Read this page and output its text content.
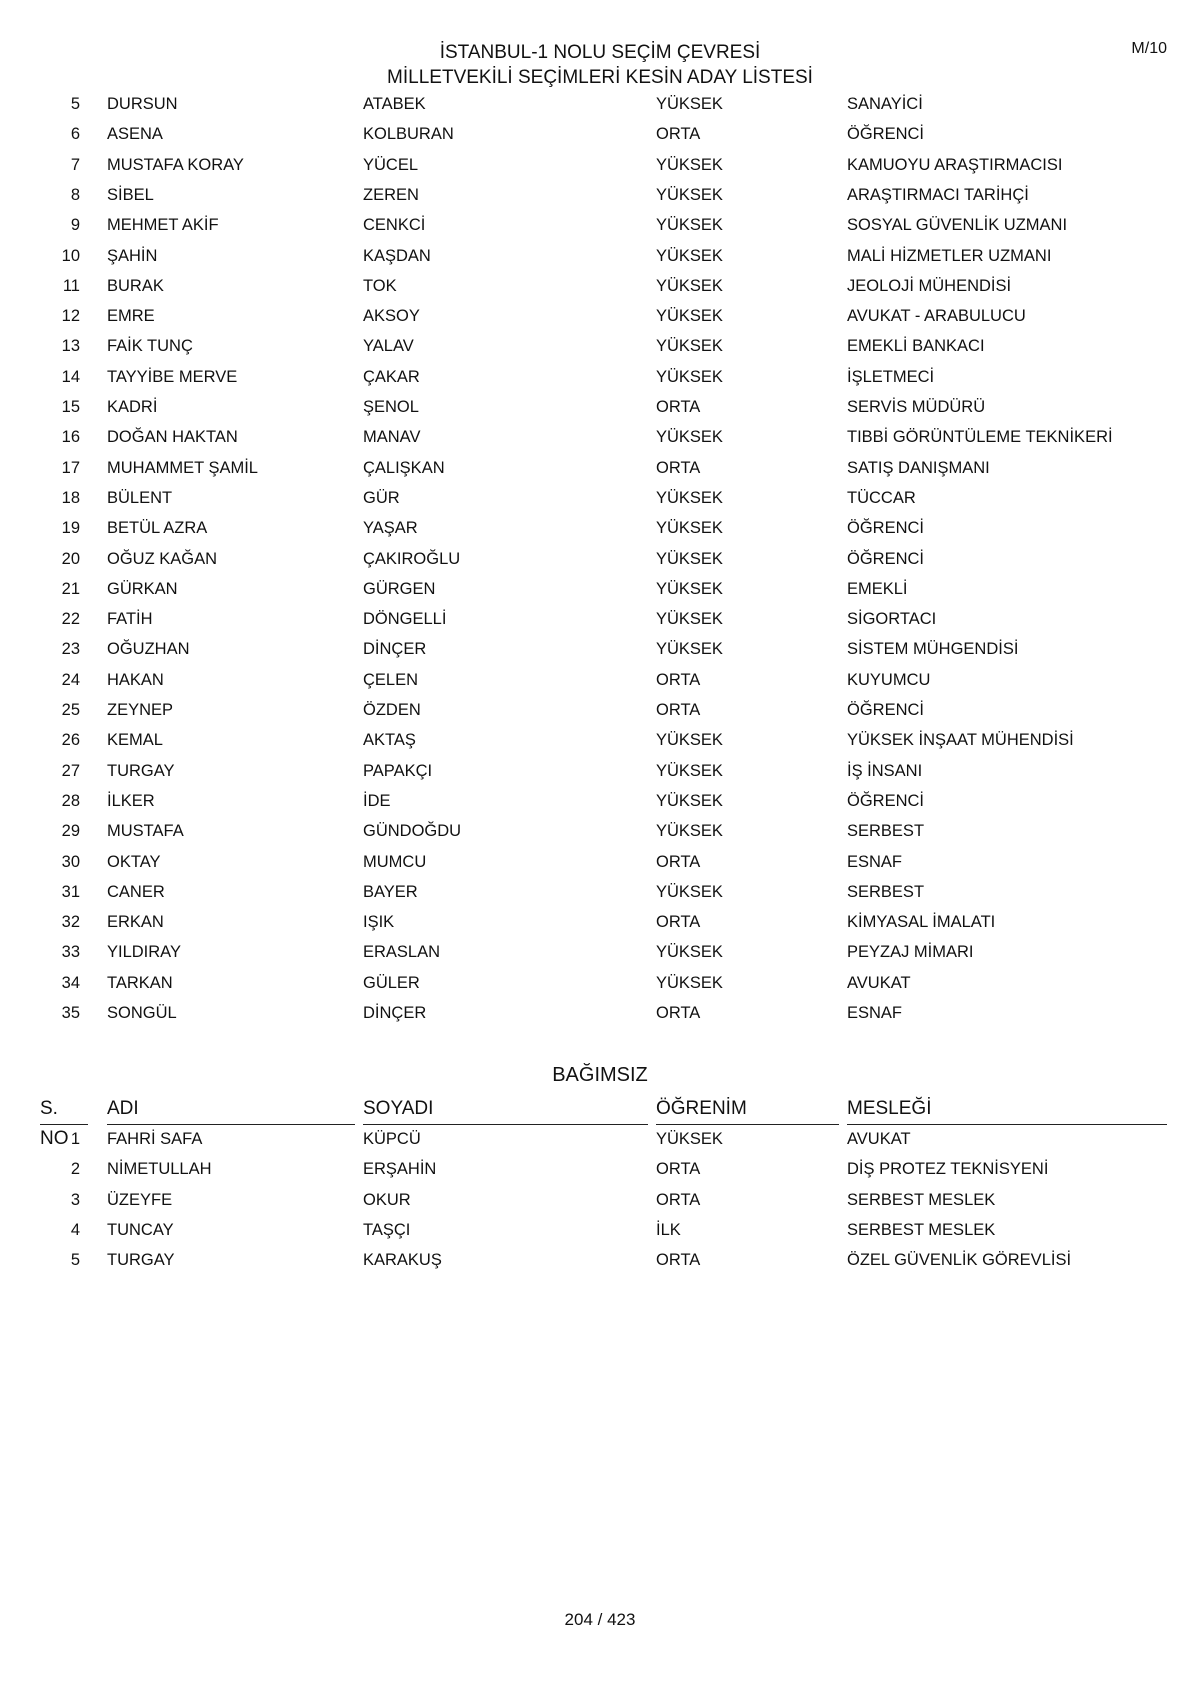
İSTANBUL-1 NOLU SEÇİM ÇEVRESİ
MİLLETVEKİLİ SEÇİMLERİ KESİN ADAY LİSTESİ
M/10
5 DURSUN	ATABEK	YÜKSEK	SANAYİCİ
6 ASENA	KOLBURAN	ORTA	ÖĞRENCİ
7 MUSTAFA KORAY	YÜCEL	YÜKSEK	KAMUOYU ARAŞTIRMACISI
8 SİBEL	ZEREN	YÜKSEK	ARAŞTIRMACI TARİHÇİ
9 MEHMET AKİF	CENKCİ	YÜKSEK	SOSYAL GÜVENLİK UZMANI
10 ŞAHİN	KAŞDAN	YÜKSEK	MALİ HİZMETLER UZMANI
11 BURAK	TOK	YÜKSEK	JEOLOJİ MÜHENDİSİ
12 EMRE	AKSOY	YÜKSEK	AVUKAT - ARABULUCU
13 FAİK TUNÇ	YALAV	YÜKSEK	EMEKLİ BANKACI
14 TAYYİBE MERVE	ÇAKAR	YÜKSEK	İŞLETMECİ
15 KADRİ	ŞENOL	ORTA	SERVİS MÜDÜRÜ
16 DOĞAN HAKTAN	MANAV	YÜKSEK	TIBBİ GÖRÜNTÜLEME TEKNİKERİ
17 MUHAMMET ŞAMİL	ÇALIŞKAN	ORTA	SATIŞ DANIŞMANI
18 BÜLENT	GÜR	YÜKSEK	TÜCCAR
19 BETÜL AZRA	YAŞAR	YÜKSEK	ÖĞRENCİ
20 OĞUZ KAĞAN	ÇAKIROĞLU	YÜKSEK	ÖĞRENCİ
21 GÜRKAN	GÜRGEN	YÜKSEK	EMEKLİ
22 FATİH	DÖNGELLİ	YÜKSEK	SİGORTACI
23 OĞUZHAN	DİNÇER	YÜKSEK	SİSTEM MÜHGENDİSİ
24 HAKAN	ÇELEN	ORTA	KUYUMCU
25 ZEYNEP	ÖZDEN	ORTA	ÖĞRENCİ
26 KEMAL	AKTAŞ	YÜKSEK	YÜKSEK İNŞAAT MÜHENDİSİ
27 TURGAY	PAPAKÇI	YÜKSEK	İŞ İNSANI
28 İLKER	İDE	YÜKSEK	ÖĞRENCİ
29 MUSTAFA	GÜNDOĞDU	YÜKSEK	SERBEST
30 OKTAY	MUMCU	ORTA	ESNAF
31 CANER	BAYER	YÜKSEK	SERBEST
32 ERKAN	IŞIK	ORTA	KİMYASAL İMALATI
33 YILDIRAY	ERASLAN	YÜKSEK	PEYZAJ MİMARI
34 TARKAN	GÜLER	YÜKSEK	AVUKAT
35 SONGÜL	DİNÇER	ORTA	ESNAF
BAĞIMSIZ
S. NO
ADI	SOYADI	ÖĞRENİM	MESLEĞİ
1 FAHRİ SAFA	KÜPCÜ	YÜKSEK	AVUKAT
2 NİMETULLAH	ERŞAHİN	ORTA	DİŞ PROTEZ TEKNİSYENİ
3 ÜZEYFE	OKUR	ORTA	SERBEST MESLEK
4 TUNCAY	TAŞÇI	İLK	SERBEST MESLEK
5 TURGAY	KARAKUŞ	ORTA	ÖZEL GÜVENLİK GÖREVLİSİ
204 / 423
